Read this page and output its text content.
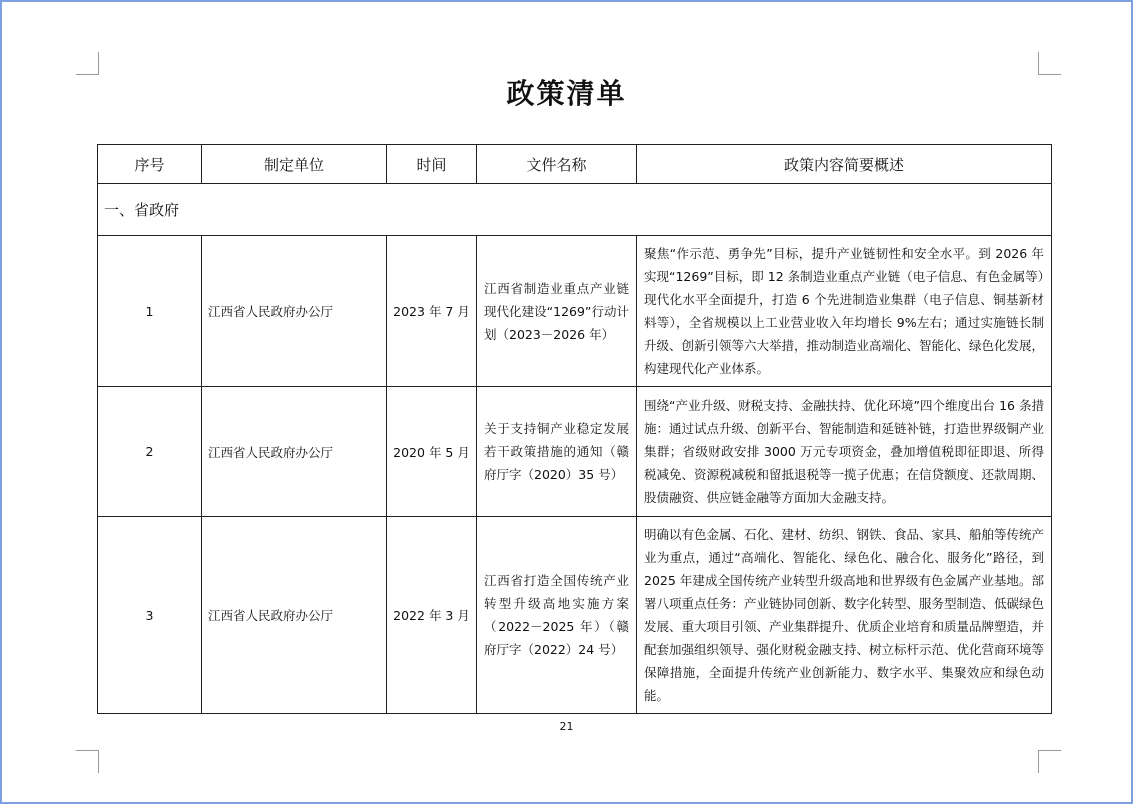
政策清单
序号	制定单位	时间	文件名称	政策内容简要概述
一、省政府				
1	江西省人民政府办公厅	2023 年 7 月	江西省制造业重点产业链现代化建设“1269”行动计划（2023－2026 年）	聚焦“作示范、勇争先”目标，提升产业链韧性和安全水平。到 2026 年实现“1269”目标，即 12 条制造业重点产业链（电子信息、有色金属等）现代化水平全面提升，打造 6 个先进制造业集群（电子信息、铜基新材料等），全省规模以上工业营业收入年均增长 9%左右；通过实施链长制升级、创新引领等六大举措，推动制造业高端化、智能化、绿色化发展，构建现代化产业体系。
2	江西省人民政府办公厅	2020 年 5 月	关于支持铜产业稳定发展若干政策措施的通知（赣府厅字（2020）35 号）	围绕“产业升级、财税支持、金融扶持、优化环境”四个维度出台 16 条措施：通过试点升级、创新平台、智能制造和延链补链，打造世界级铜产业集群；省级财政安排 3000 万元专项资金，叠加增值税即征即退、所得税减免、资源税减税和留抵退税等一揽子优惠；在信贷额度、还款周期、股债融资、供应链金融等方面加大金融支持。
3	江西省人民政府办公厅	2022 年 3 月	江西省打造全国传统产业转型升级高地实施方案（2022－2025 年）（赣府厅字（2022）24 号）	明确以有色金属、石化、建材、纺织、钢铁、食品、家具、船舶等传统产业为重点，通过“高端化、智能化、绿色化、融合化、服务化”路径，到 2025 年建成全国传统产业转型升级高地和世界级有色金属产业基地。部署八项重点任务：产业链协同创新、数字化转型、服务型制造、低碳绿色发展、重大项目引领、产业集群提升、优质企业培育和质量品牌塑造，并配套加强组织领导、强化财税金融支持、树立标杆示范、优化营商环境等保障措施，全面提升传统产业创新能力、数字水平、集聚效应和绿色动能。
21
